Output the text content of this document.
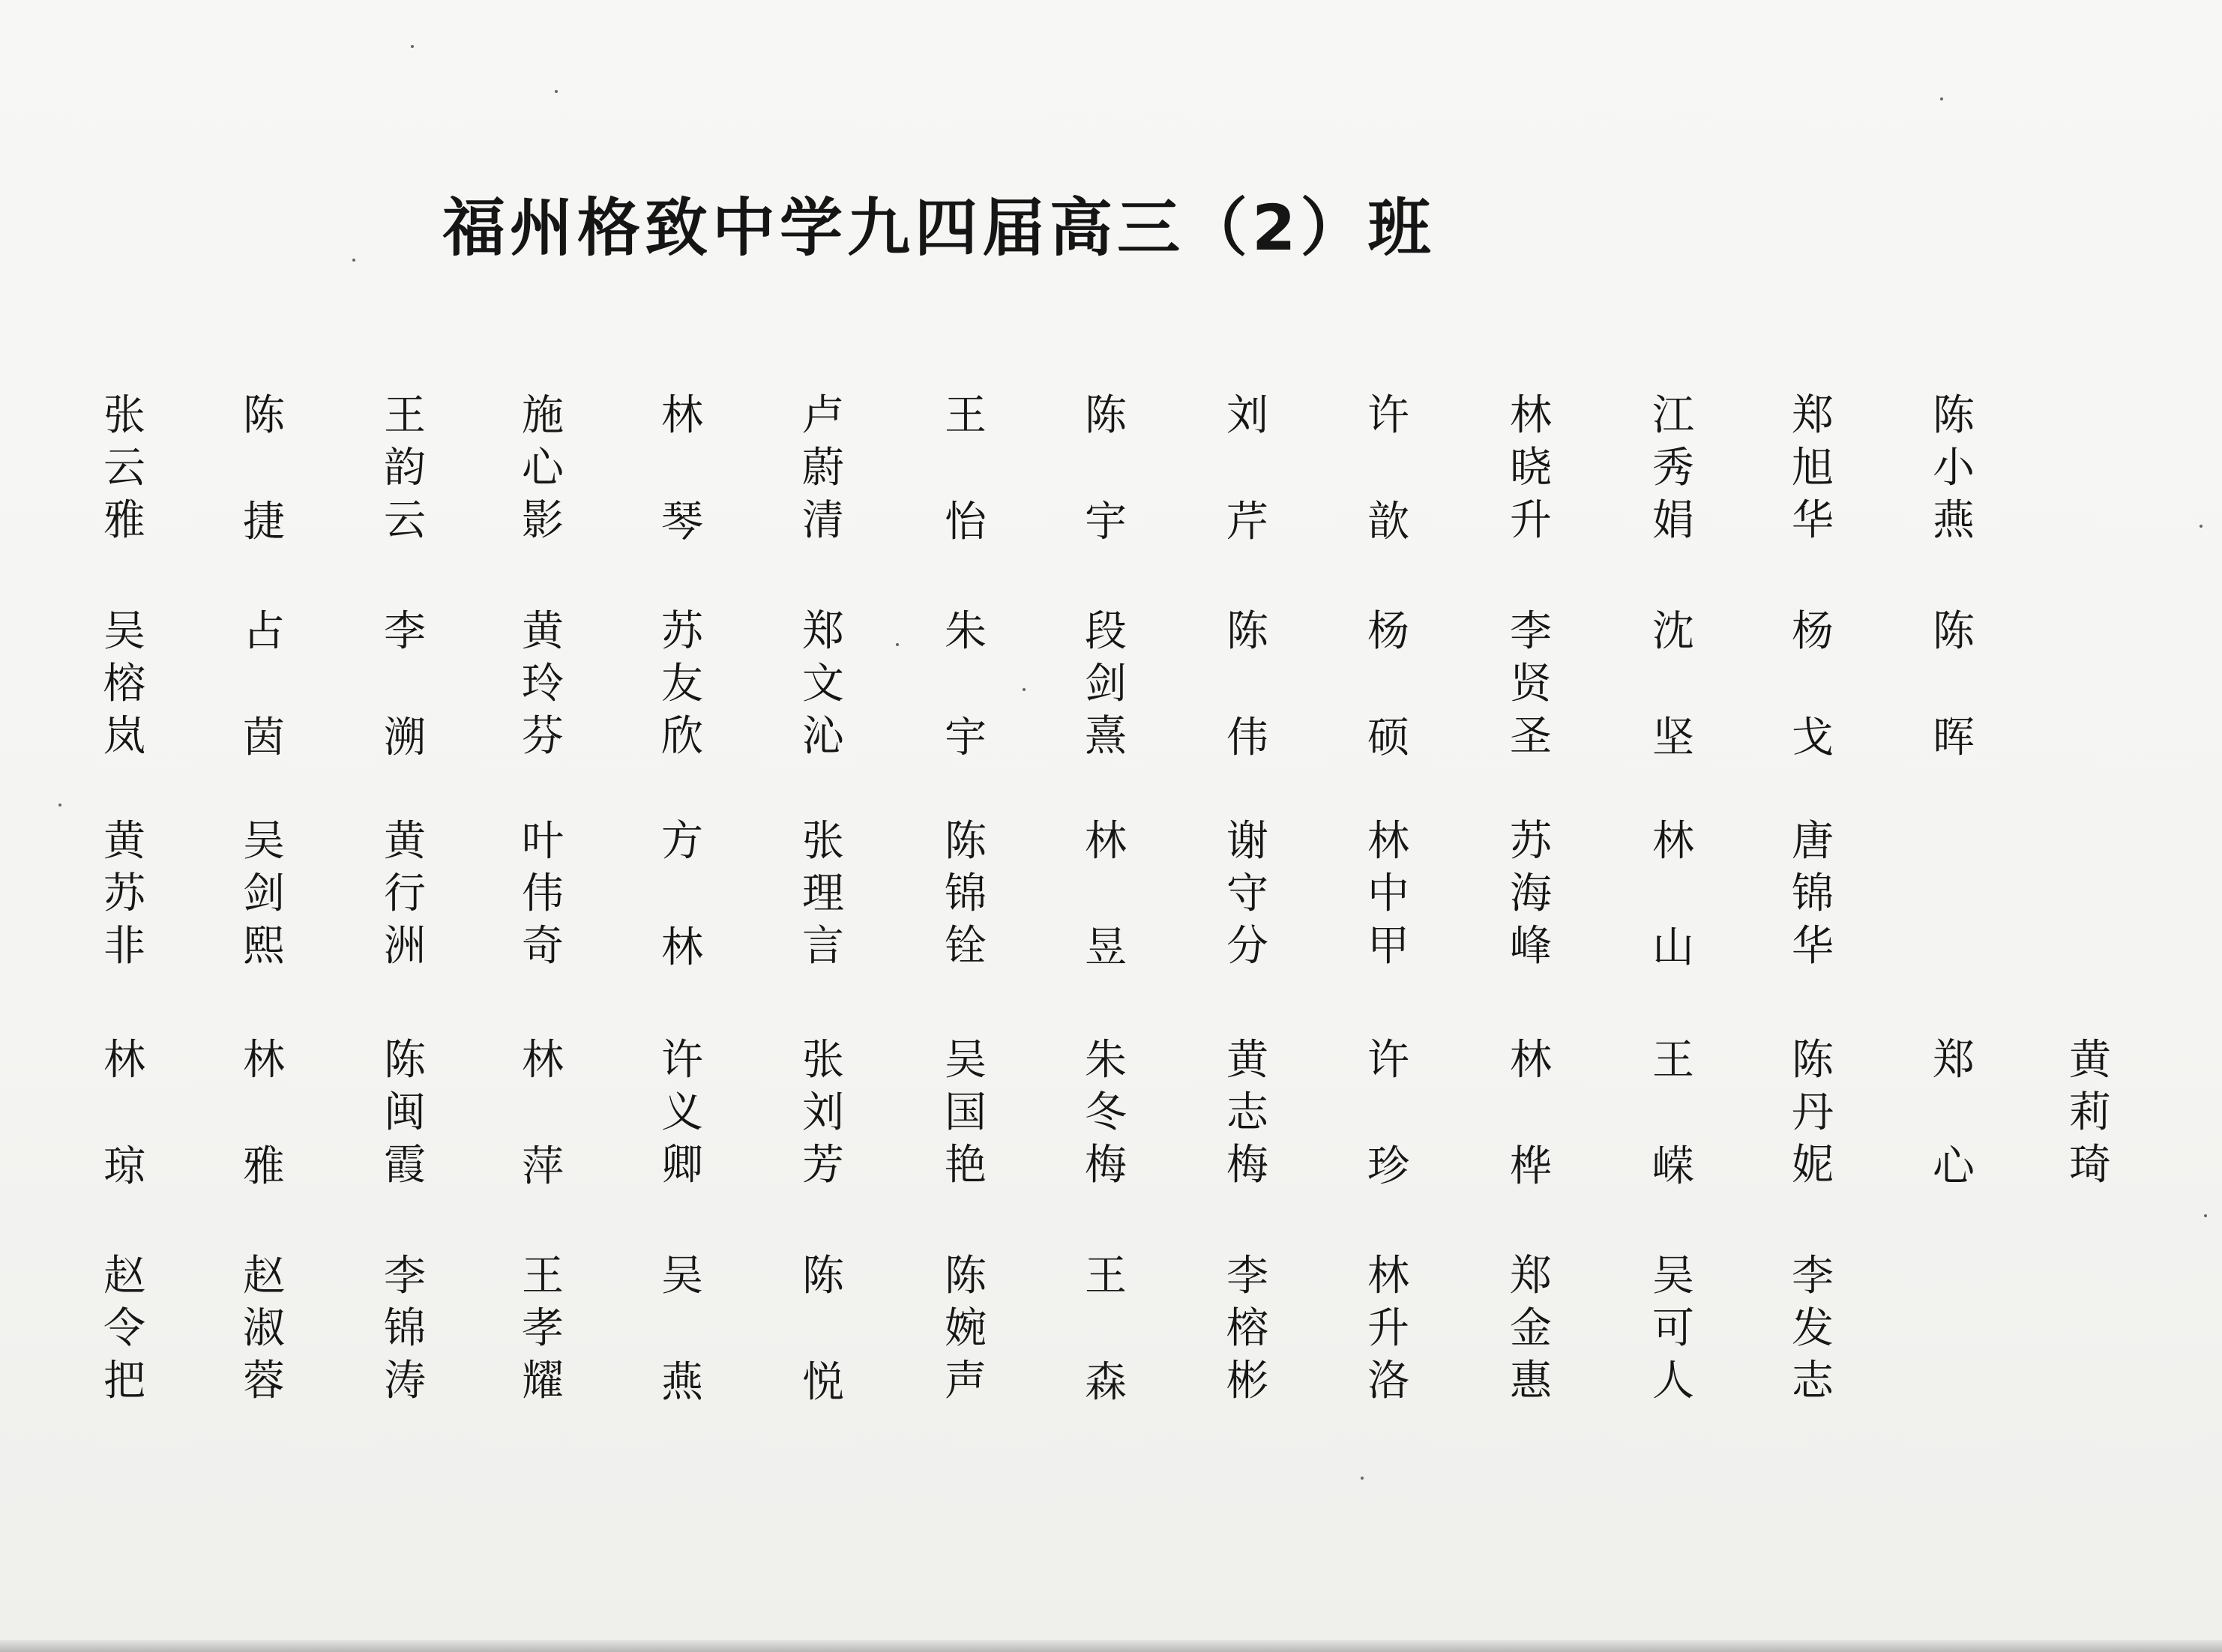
福州格致中学九四届高三（2）班
张
云
雅
吴
榕
岚
黄
苏
非
林
琼
赵
令
把
陈
捷
占
茵
吴
剑
熙
林
雅
赵
淑
蓉
王
韵
云
李
溯
黄
行
洲
陈
闽
霞
李
锦
涛
施
心
影
黄
玲
芬
叶
伟
奇
林
萍
王
孝
耀
林
琴
苏
友
欣
方
林
许
义
卿
吴
燕
卢
蔚
清
郑
文
沁
张
理
言
张
刘
芳
陈
悦
王
怡
朱
宇
陈
锦
铨
吴
国
艳
陈
婉
声
陈
宇
段
剑
熹
林
昱
朱
冬
梅
王
森
刘
芹
陈
伟
谢
守
分
黄
志
梅
李
榕
彬
许
歆
杨
硕
林
中
甲
许
珍
林
升
洛
林
晓
升
李
贤
圣
苏
海
峰
林
桦
郑
金
惠
江
秀
娟
沈
坚
林
山
王
嵘
吴
可
人
郑
旭
华
杨
戈
唐
锦
华
陈
丹
妮
李
发
志
陈
小
燕
陈
晖
郑
心
黄
莉
琦
